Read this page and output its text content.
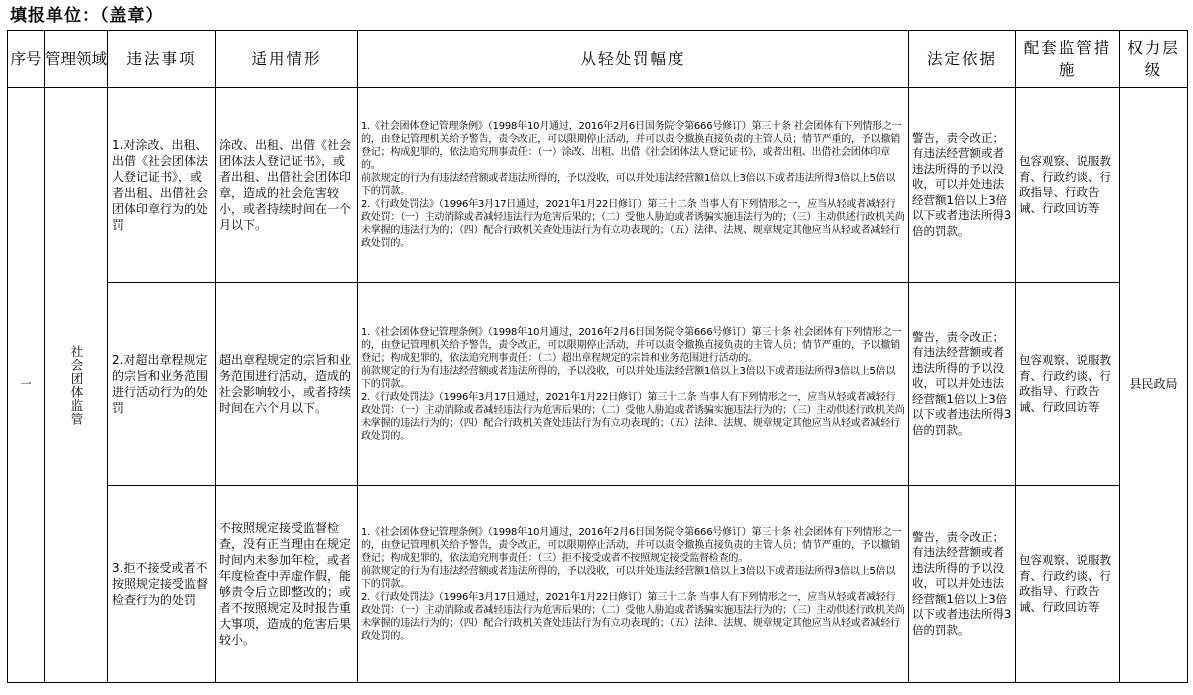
填报单位：（盖章）
序号	管理领域	违法事项	适用情形	从轻处罚幅度	法定依据	配套监管措施	权力层级
一	社会团体监管	1.对涂改、出租、出借《社会团体法人登记证书》，或者出租、出借社会团体印章行为的处罚	涂改、出租、出借《社会团体法人登记证书》，或者出租、出借社会团体印章，造成的社会危害较小，或者持续时间在一个月以下。	1.《社会团体登记管理条例》（1998年10月通过，2016年2月6日国务院令第666号修订）第三十条 社会团体有下列情形之一的，由登记管理机关给予警告，责令改正，可以限期停止活动，并可以责令撤换直接负责的主管人员；情节严重的，予以撤销登记；构成犯罪的，依法追究刑事责任：（一）涂改、出租、出借《社会团体法人登记证书》，或者出租、出借社会团体印章的。

前款规定的行为有违法经营额或者违法所得的，予以没收，可以并处违法经营额1倍以上3倍以下或者违法所得3倍以上5倍以下的罚款。

2.《行政处罚法》（1996年3月17日通过，2021年1月22日修订）第三十二条 当事人有下列情形之一，应当从轻或者减轻行政处罚：（一）主动消除或者减轻违法行为危害后果的；（二）受他人胁迫或者诱骗实施违法行为的；（三）主动供述行政机关尚未掌握的违法行为的；（四）配合行政机关查处违法行为有立功表现的；（五）法律、法规、规章规定其他应当从轻或者减轻行政处罚的。	警告，责令改正；有违法经营额或者违法所得的予以没收，可以并处违法经营额1倍以上3倍以下或者违法所得3倍的罚款。	包容观察、说服教育、行政约谈、行政指导、行政告诫、行政回访等	县民政局
		2.对超出章程规定的宗旨和业务范围进行活动行为的处罚	超出章程规定的宗旨和业务范围进行活动，造成的社会影响较小，或者持续时间在六个月以下。	1.《社会团体登记管理条例》（1998年10月通过，2016年2月6日国务院令第666号修订）第三十条 社会团体有下列情形之一的，由登记管理机关给予警告，责令改正，可以限期停止活动，并可以责令撤换直接负责的主管人员；情节严重的，予以撤销登记；构成犯罪的，依法追究刑事责任：（二）超出章程规定的宗旨和业务范围进行活动的。

前款规定的行为有违法经营额或者违法所得的，予以没收，可以并处违法经营额1倍以上3倍以下或者违法所得3倍以上5倍以下的罚款。

2.《行政处罚法》（1996年3月17日通过，2021年1月22日修订）第三十二条 当事人有下列情形之一，应当从轻或者减轻行政处罚：（一）主动消除或者减轻违法行为危害后果的；（二）受他人胁迫或者诱骗实施违法行为的；（三）主动供述行政机关尚未掌握的违法行为的；（四）配合行政机关查处违法行为有立功表现的；（五）法律、法规、规章规定其他应当从轻或者减轻行政处罚的。	警告，责令改正；有违法经营额或者违法所得的予以没收，可以并处违法经营额1倍以上3倍以下或者违法所得3倍的罚款。	包容观察、说服教育、行政约谈、行政指导、行政告诫、行政回访等	
		3.拒不接受或者不按照规定接受监督检查行为的处罚	不按照规定接受监督检查，没有正当理由在规定时间内未参加年检，或者年度检查中弄虚作假，能够责令后立即整改的；或者不按照规定及时报告重大事项，造成的危害后果较小。	1.《社会团体登记管理条例》（1998年10月通过，2016年2月6日国务院令第666号修订）第三十条 社会团体有下列情形之一的，由登记管理机关给予警告，责令改正，可以限期停止活动，并可以责令撤换直接负责的主管人员；情节严重的，予以撤销登记；构成犯罪的，依法追究刑事责任：（三）拒不接受或者不按照规定接受监督检查的。

前款规定的行为有违法经营额或者违法所得的，予以没收，可以并处违法经营额1倍以上3倍以下或者违法所得3倍以上5倍以下的罚款。

2.《行政处罚法》（1996年3月17日通过，2021年1月22日修订）第三十二条 当事人有下列情形之一，应当从轻或者减轻行政处罚：（一）主动消除或者减轻违法行为危害后果的；（二）受他人胁迫或者诱骗实施违法行为的；（三）主动供述行政机关尚未掌握的违法行为的；（四）配合行政机关查处违法行为有立功表现的；（五）法律、法规、规章规定其他应当从轻或者减轻行政处罚的。	警告，责令改正；有违法经营额或者违法所得的予以没收，可以并处违法经营额1倍以上3倍以下或者违法所得3倍的罚款。	包容观察、说服教育、行政约谈、行政指导、行政告诫、行政回访等	
